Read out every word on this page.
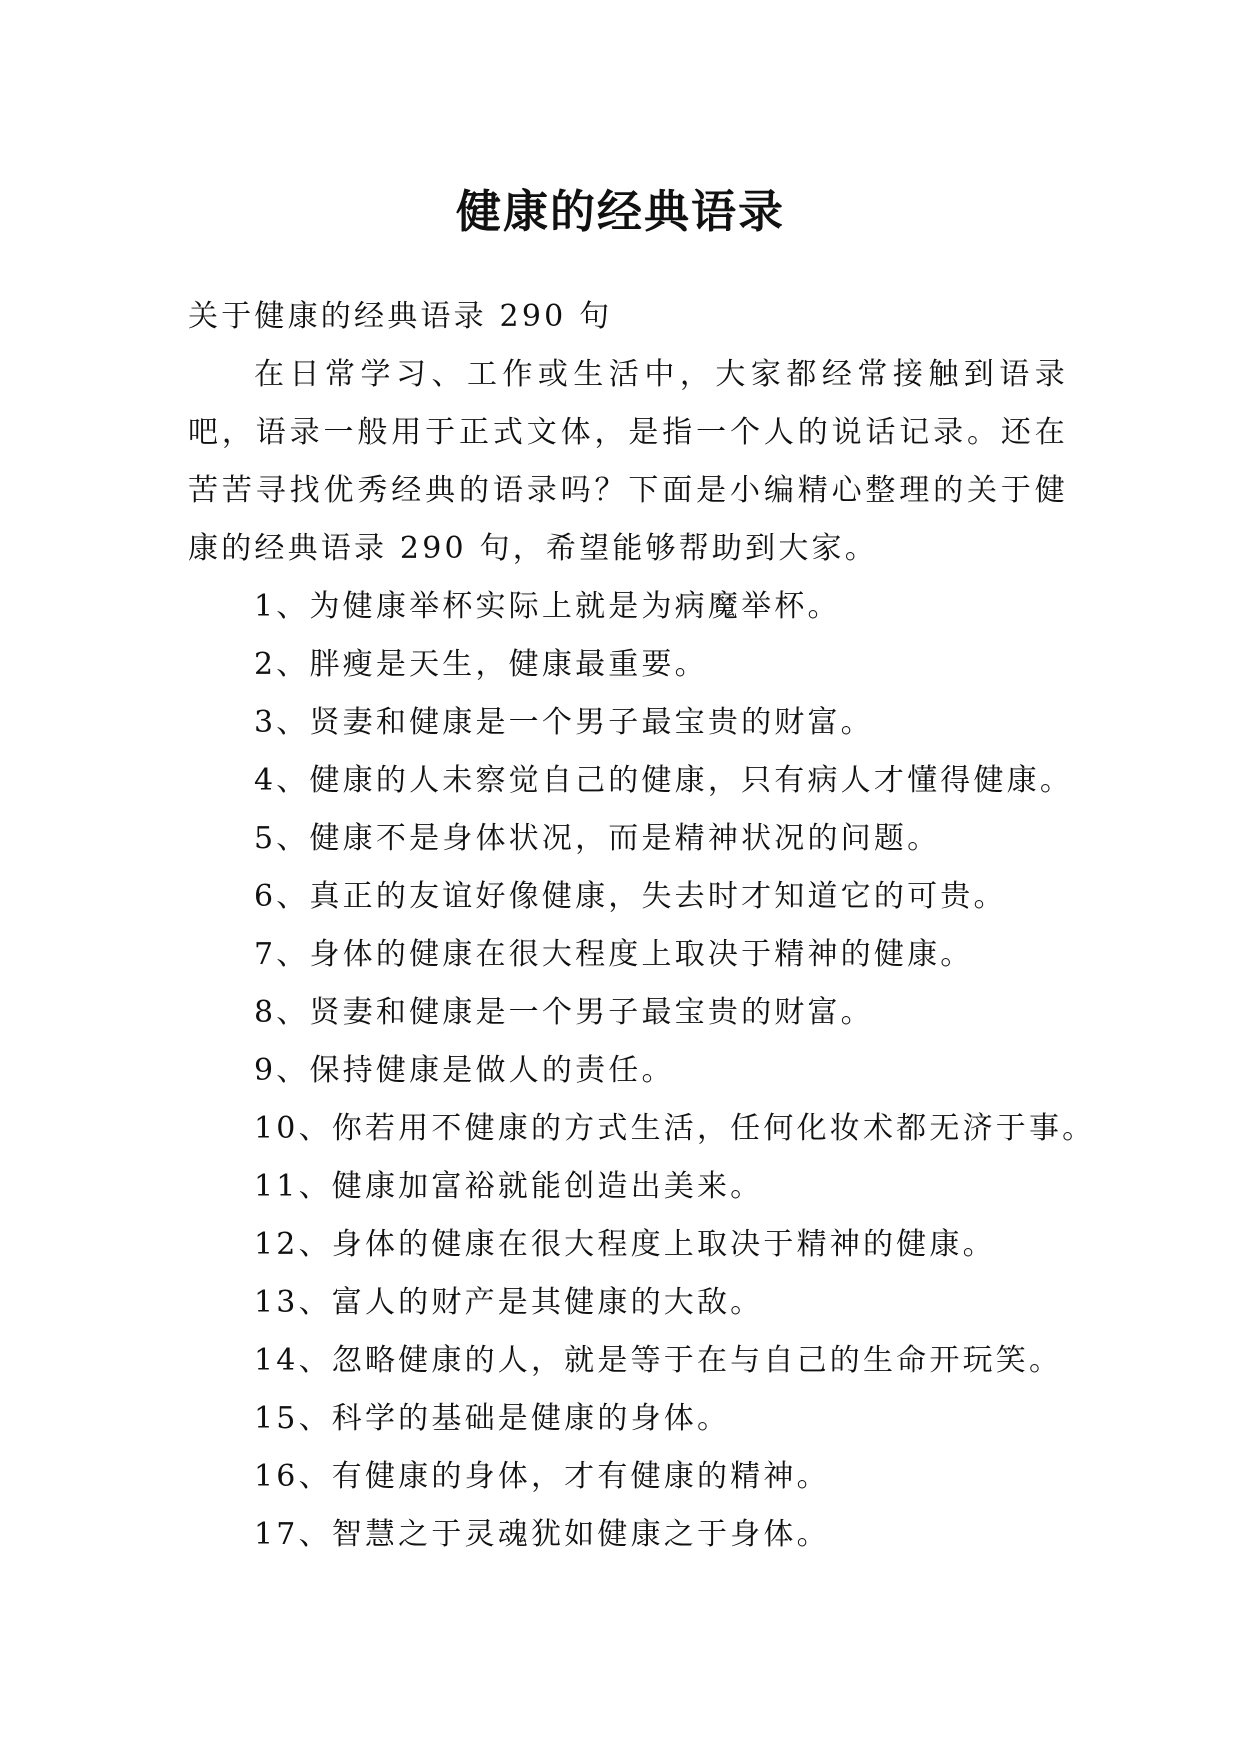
健康的经典语录

关于健康的经典语录 290 句

在日常学习、工作或生活中，大家都经常接触到语录吧，语录一般用于正式文体，是指一个人的说话记录。还在苦苦寻找优秀经典的语录吗？下面是小编精心整理的关于健康的经典语录 290 句，希望能够帮助到大家。

1、为健康举杯实际上就是为病魔举杯。
2、胖瘦是天生，健康最重要。
3、贤妻和健康是一个男子最宝贵的财富。
4、健康的人未察觉自己的健康，只有病人才懂得健康。
5、健康不是身体状况，而是精神状况的问题。
6、真正的友谊好像健康，失去时才知道它的可贵。
7、身体的健康在很大程度上取决于精神的健康。
8、贤妻和健康是一个男子最宝贵的财富。
9、保持健康是做人的责任。
10、你若用不健康的方式生活，任何化妆术都无济于事。
11、健康加富裕就能创造出美来。
12、身体的健康在很大程度上取决于精神的健康。
13、富人的财产是其健康的大敌。
14、忽略健康的人，就是等于在与自己的生命开玩笑。
15、科学的基础是健康的身体。
16、有健康的身体，才有健康的精神。
17、智慧之于灵魂犹如健康之于身体。
